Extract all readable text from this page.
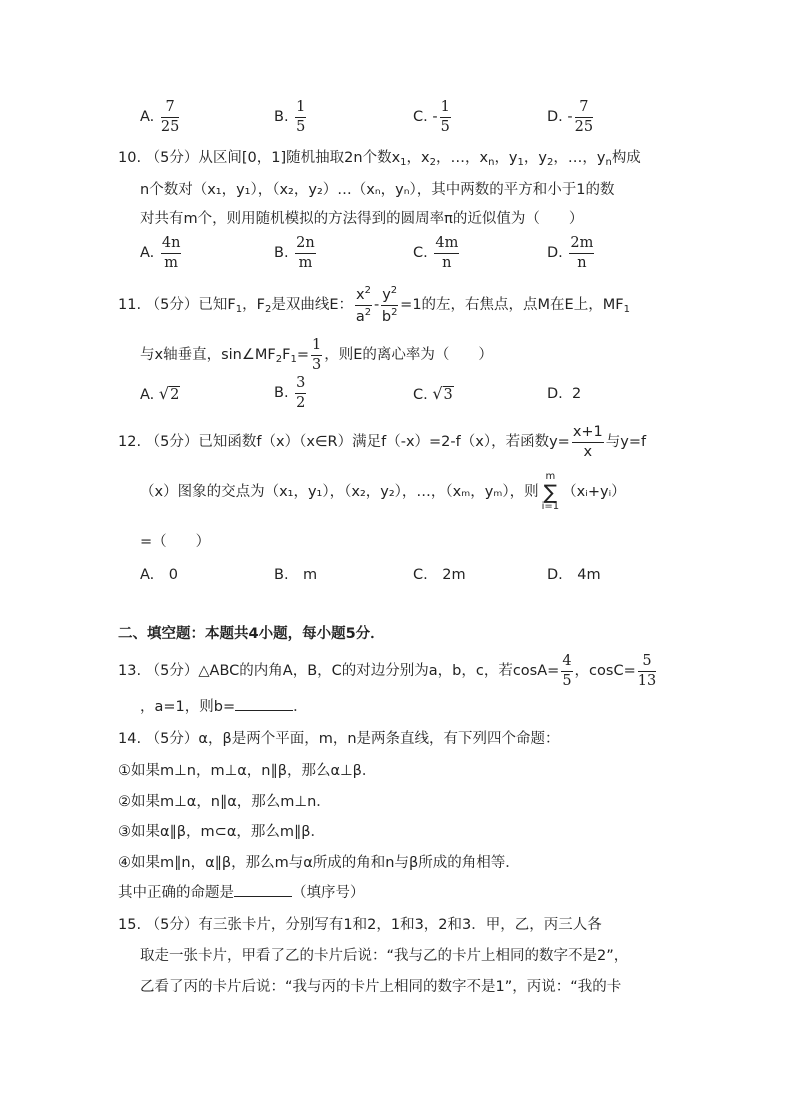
A. $\frac{7}{25}$	B. $\frac{1}{5}$	C. - $\frac{1}{5}$	D. - $\frac{7}{25}$
10. （5分）从区间[0，1]随机抽取2n个数$x_1$，$x_2$，…，$x_n$，$y_1$，$y_2$，…，$y_n$构成
n个数对（x₁，y₁），（x₂，y₂）…（xₙ，yₙ），其中两数的平方和小于1的数
对共有m个，则用随机模拟的方法得到的圆周率π的近似值为（　　）
A. $\frac{4n}{m}$	B. $\frac{2n}{m}$	C. $\frac{4m}{n}$	D. $\frac{2m}{n}$
11. （5分）已知$F_1$，$F_2$是双曲线E： $\frac{x^2}{a^2} - \frac{y^2}{b^2} =1$的左，右焦点，点M在E上，$MF_1$
与x轴垂直，$\sin\angle MF_2F_1= \frac{1}{3}$ ，则E的离心率为（　　）
A. √2	B. $\frac{3}{2}$	C. √3	D. 2
12. （5分）已知函数f（x）（x∈R）满足f（-x）=2-f（x），若函数$y= \frac{x+1}{x}$ 与y=f
（x）图象的交点为（x₁，y₁），（x₂，y₂），…，（xₘ，yₘ），则
m
∑
i=1
（xᵢ+yᵢ）
=（　　）
A.　0	B.　m	C.　2m	D.　4m
二、填空题：本题共4小题，每小题5分．
13. （5分）△ABC的内角A，B，C的对边分别为a，b，c，若$\cos A= \frac{4}{5}$ ，$\cos C= \frac{5}{13}$
，a=1，则b=	．
14. （5分）α，β是两个平面，m，n是两条直线，有下列四个命题：
①如果m⊥n，m⊥α，n∥β，那么α⊥β．
②如果m⊥α，n∥α，那么m⊥n．
③如果α∥β，m⊂α，那么m∥β．
④如果m∥n，α∥β，那么m与α所成的角和n与β所成的角相等．
其中正确的命题是	（填序号）
15. （5分）有三张卡片，分别写有1和2，1和3，2和3．甲，乙，丙三人各
取走一张卡片，甲看了乙的卡片后说：“我与乙的卡片上相同的数字不是2”，
乙看了丙的卡片后说：“我与丙的卡片上相同的数字不是1”，丙说：“我的卡
